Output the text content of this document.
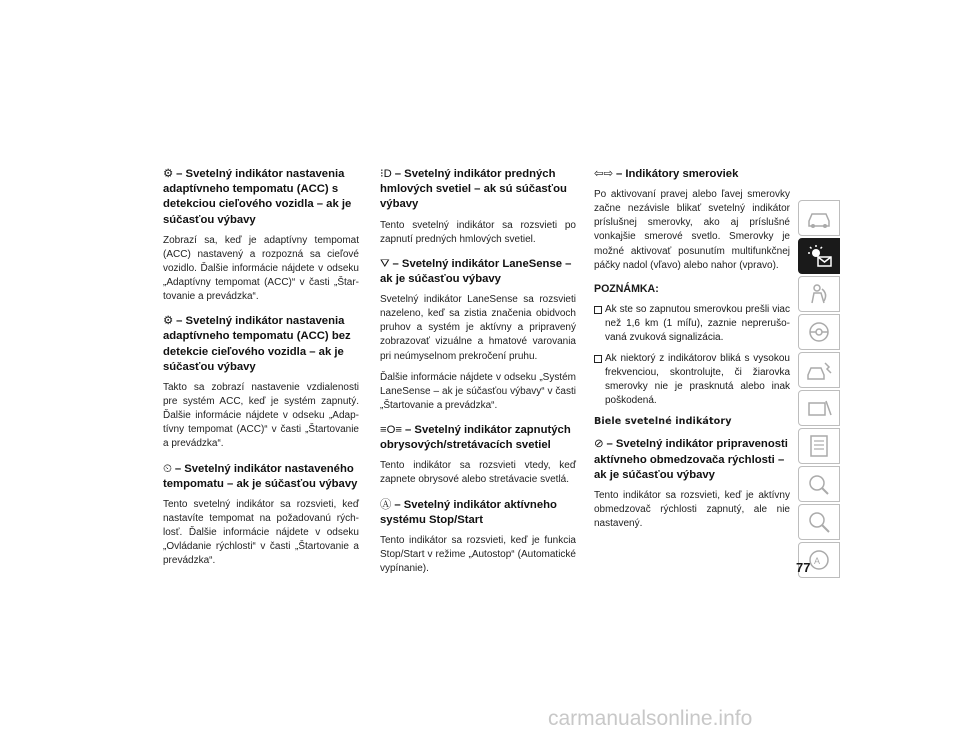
⚙ – Svetelný indikátor nastavenia adaptívneho tempomatu (ACC) s detekciou cieľového vozidla – ak je súčasťou výbavy

Zobrazí sa, keď je adaptívny tempomat (ACC) nastavený a rozpozná sa cieľové vozidlo. Ďalšie informácie nájdete v odseku „Adaptívny tempomat (ACC)“ v časti „Štar-tovanie a prevádzka“.

⚙ – Svetelný indikátor nastavenia adaptívneho tempomatu (ACC) bez detekcie cieľového vozidla – ak je súčasťou výbavy

Takto sa zobrazí nastavenie vzdialenosti pre systém ACC, keď je systém zapnutý. Ďalšie informácie nájdete v odseku „Adap-tívny tempomat (ACC)“ v časti „Štartovanie a prevádzka“.

⏲ – Svetelný indikátor nastaveného tempomatu – ak je súčasťou výbavy

Tento svetelný indikátor sa rozsvieti, keď nastavíte tempomat na požadovanú rých-losť. Ďalšie informácie nájdete v odseku „Ovládanie rýchlosti“ v časti „Štartovanie a prevádzka“.

⁝D – Svetelný indikátor predných hmlových svetiel – ak sú súčasťou výbavy

Tento svetelný indikátor sa rozsvieti po zapnutí predných hmlových svetiel.

⛛ – Svetelný indikátor LaneSense – ak je súčasťou výbavy

Svetelný indikátor LaneSense sa rozsvieti nazeleno, keď sa zistia značenia obidvoch pruhov a systém je aktívny a pripravený zobrazovať vizuálne a hmatové varovania pri neúmyselnom prekročení pruhu.

Ďalšie informácie nájdete v odseku „Systém LaneSense – ak je súčasťou výbavy“ v časti „Štartovanie a prevádzka“.

≡O≡ – Svetelný indikátor zapnutých obrysových/stretávacích svetiel

Tento indikátor sa rozsvieti vtedy, keď zapnete obrysové alebo stretávacie svetlá.

Ⓐ – Svetelný indikátor aktívneho systému Stop/Start

Tento indikátor sa rozsvieti, keď je funkcia Stop/Start v režime „Autostop“ (Automatické vypínanie).

⇦⇨ – Indikátory smeroviek

Po aktivovaní pravej alebo ľavej smerovky začne nezávisle blikať svetelný indikátor príslušnej smerovky, ako aj príslušné vonkajšie smerové svetlo. Smerovky je možné aktivovať posunutím multifunkčnej páčky nadol (vľavo) alebo nahor (vpravo).

POZNÁMKA:
Ak ste so zapnutou smerovkou prešli viac než 1,6 km (1 míľu), zaznie neprerušo-vaná zvuková signalizácia.
Ak niektorý z indikátorov bliká s vysokou frekvenciou, skontrolujte, či žiarovka smerovky nie je prasknutá alebo inak poškodená.
Biele svetelné indikátory
⊘ – Svetelný indikátor pripravenosti aktívneho obmedzovača rýchlosti – ak je súčasťou výbavy

Tento indikátor sa rozsvieti, keď je aktívny obmedzovač rýchlosti zapnutý, ale nie nastavený.

A
77
carmanualsonline.info
